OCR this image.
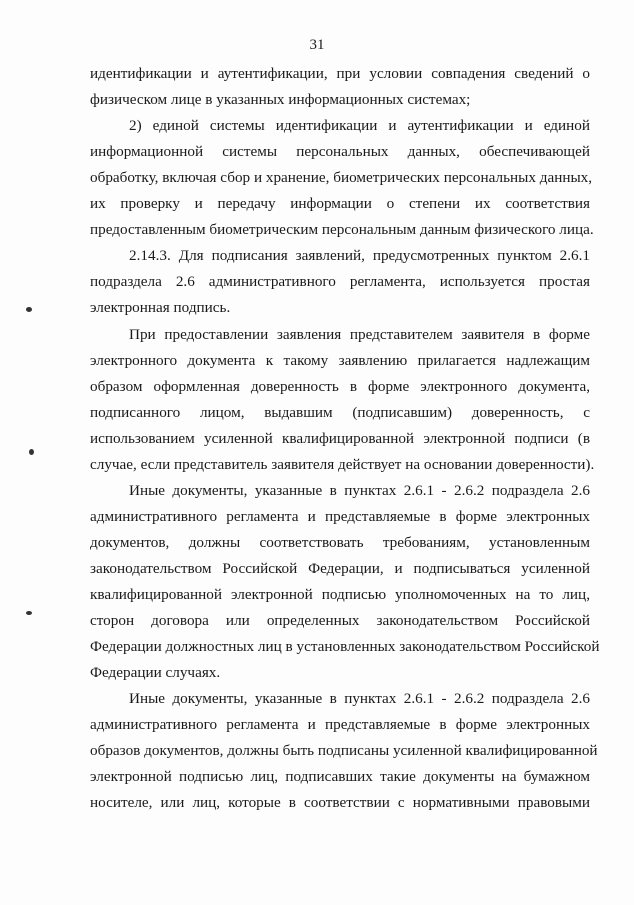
31
идентификации и аутентификации, при условии совпадения сведений о
физическом лице в указанных информационных системах;
2) единой системы идентификации и аутентификации и единой
информационной системы персональных данных, обеспечивающей
обработку, включая сбор и хранение, биометрических персональных данных,
их проверку и передачу информации о степени их соответствия
предоставленным биометрическим персональным данным физического лица.
2.14.3. Для подписания заявлений, предусмотренных пунктом 2.6.1
подраздела 2.6 административного регламента, используется простая
электронная подпись.
При предоставлении заявления представителем заявителя в форме
электронного документа к такому заявлению прилагается надлежащим
образом оформленная доверенность в форме электронного документа,
подписанного лицом, выдавшим (подписавшим) доверенность, с
использованием усиленной квалифицированной электронной подписи (в
случае, если представитель заявителя действует на основании доверенности).
Иные документы, указанные в пунктах 2.6.1 - 2.6.2 подраздела 2.6
административного регламента и представляемые в форме электронных
документов, должны соответствовать требованиям, установленным
законодательством Российской Федерации, и подписываться усиленной
квалифицированной электронной подписью уполномоченных на то лиц,
сторон договора или определенных законодательством Российской
Федерации должностных лиц в установленных законодательством Российской
Федерации случаях.
Иные документы, указанные в пунктах 2.6.1 - 2.6.2 подраздела 2.6
административного регламента и представляемые в форме электронных
образов документов, должны быть подписаны усиленной квалифицированной
электронной подписью лиц, подписавших такие документы на бумажном
носителе, или лиц, которые в соответствии с нормативными правовыми
